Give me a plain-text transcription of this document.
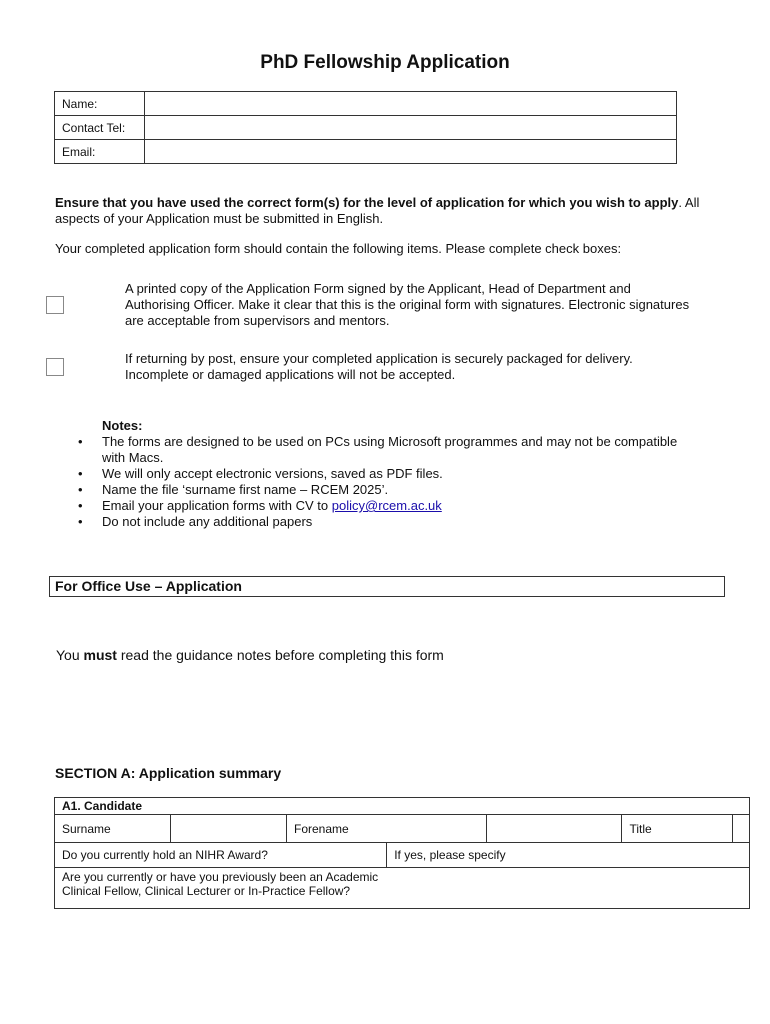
PhD Fellowship Application
Name:	
Contact Tel:	
Email:	
Ensure that you have used the correct form(s) for the level of application for which you wish to apply. All aspects of your Application must be submitted in English.
Your completed application form should contain the following items. Please complete check boxes:
A printed copy of the Application Form signed by the Applicant, Head of Department and Authorising Officer. Make it clear that this is the original form with signatures. Electronic signatures are acceptable from supervisors and mentors.
If returning by post, ensure your completed application is securely packaged for delivery. Incomplete or damaged applications will not be accepted.
Notes:
• The forms are designed to be used on PCs using Microsoft programmes and may not be compatible with Macs.
• We will only accept electronic versions, saved as PDF files.
• Name the file ‘surname first name – RCEM 2025’.
• Email your application forms with CV to policy@rcem.ac.uk
• Do not include any additional papers
For Office Use – Application
You must read the guidance notes before completing this form
SECTION A: Application summary
A1. Candidate						
Surname		Forename			Title	
Do you currently hold an NIHR Award?			If yes, please specify			

Are you currently or have you previously been an Academic Clinical Fellow, Clinical Lecturer or In-Practice Fellow?						
